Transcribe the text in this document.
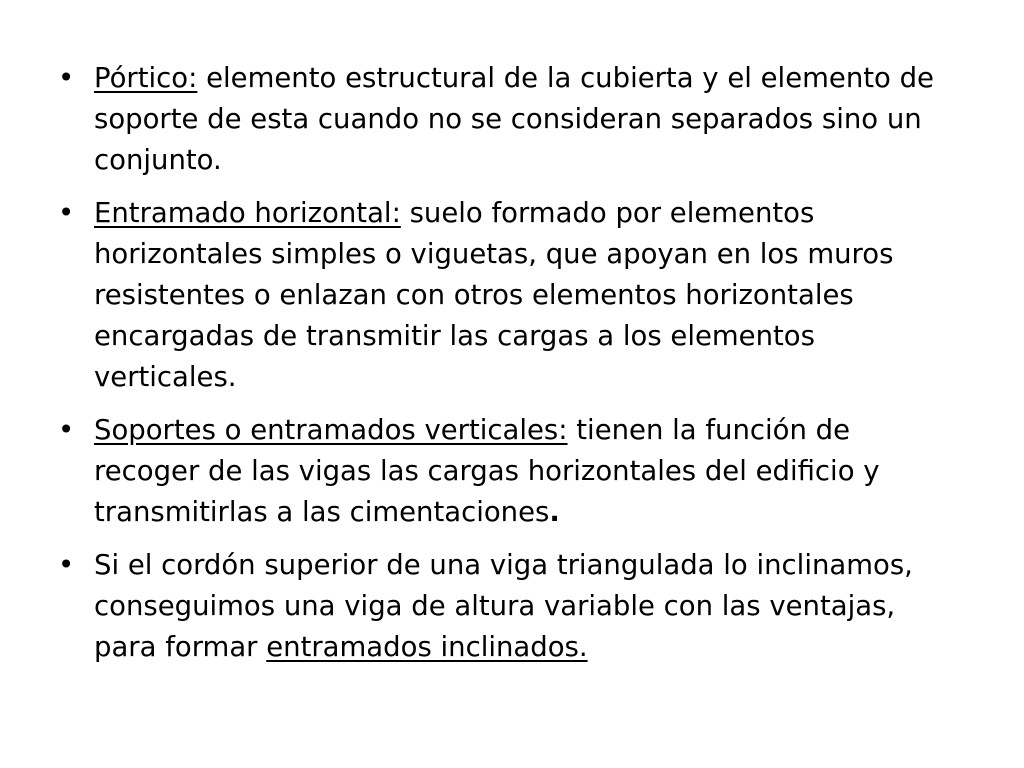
• Pórtico: elemento estructural de la cubierta y el elemento de soporte de esta cuando no se consideran separados sino un conjunto.
• Entramado horizontal: suelo formado por elementos horizontales simples o viguetas, que apoyan en los muros resistentes o enlazan con otros elementos horizontales encargadas de transmitir las cargas a los elementos verticales.
• Soportes o entramados verticales: tienen la función de recoger de las vigas las cargas horizontales del edificio y transmitirlas a las cimentaciones.
• Si el cordón superior de una viga triangulada lo inclinamos, conseguimos una viga de altura variable con las ventajas, para formar entramados inclinados.
